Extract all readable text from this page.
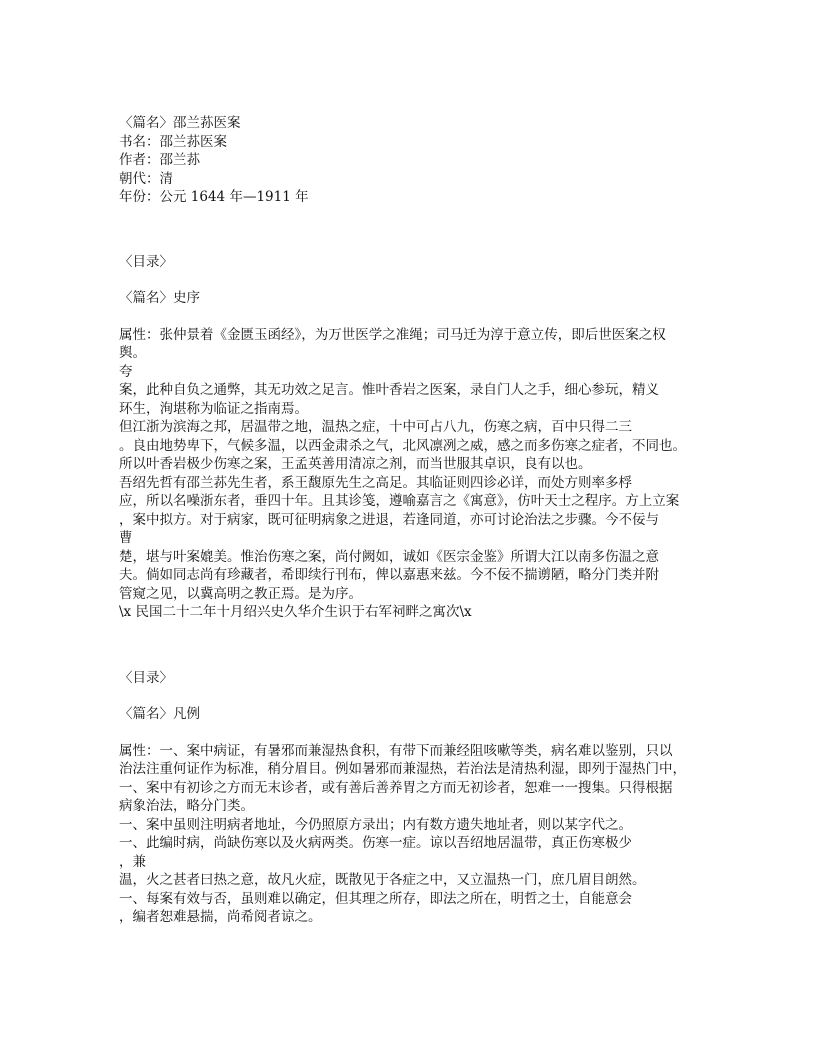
〈篇名〉邵兰荪医案
书名：邵兰荪医案
作者：邵兰荪
朝代：清
年份：公元 1644 年—1911 年
〈目录〉
〈篇名〉史序
属性：张仲景着《金匮玉函经》，为万世医学之准绳；司马迁为淳于意立传，即后世医案之权
舆。
夸
案，此种自负之通弊，其无功效之足言。惟叶香岩之医案，录自门人之手，细心参玩，精义
环生，洵堪称为临证之指南焉。
但江浙为滨海之邦，居温带之地，温热之症，十中可占八九，伤寒之病，百中只得二三
。良由地势卑下，气候多温，以西金肃杀之气，北风凛冽之威，感之而多伤寒之症者，不同也。
所以叶香岩极少伤寒之案，王孟英善用清凉之剂，而当世服其卓识，良有以也。
吾绍先哲有邵兰荪先生者，系王馥原先生之高足。其临证则四诊必详，而处方则率多桴
应，所以名噪浙东者，垂四十年。且其诊笺，遵喻嘉言之《寓意》，仿叶天士之程序。方上立案
，案中拟方。对于病家，既可征明病象之进退，若逢同道，亦可讨论治法之步骤。今不佞与
曹
楚，堪与叶案媲美。惟治伤寒之案，尚付阙如，诚如《医宗金鉴》所谓大江以南多伤温之意
夫。倘如同志尚有珍藏者，希即续行刊布，俾以嘉惠来兹。今不佞不揣谫陋，略分门类并附
管窥之见，以冀高明之教正焉。是为序。
\x 民国二十二年十月绍兴史久华介生识于右军祠畔之寓次\x
〈目录〉
〈篇名〉凡例
属性：一、案中病证，有暑邪而兼湿热食积，有带下而兼经阻咳嗽等类，病名难以鉴别，只以
治法注重何证作为标准，稍分眉目。例如暑邪而兼湿热，若治法是清热利湿，即列于湿热门中，
一、案中有初诊之方而无末诊者，或有善后善养胃之方而无初诊者，恕难一一搜集。只得根据
病象治法，略分门类。
一、案中虽则注明病者地址，今仍照原方录出；内有数方遗失地址者，则以某字代之。
一、此编时病，尚缺伤寒以及火病两类。伤寒一症。谅以吾绍地居温带，真正伤寒极少
，兼
温，火之甚者曰热之意，故凡火症，既散见于各症之中，又立温热一门，庶几眉目朗然。
一、每案有效与否，虽则难以确定，但其理之所存，即法之所在，明哲之士，自能意会
，编者恕难悬揣，尚希阅者谅之。
